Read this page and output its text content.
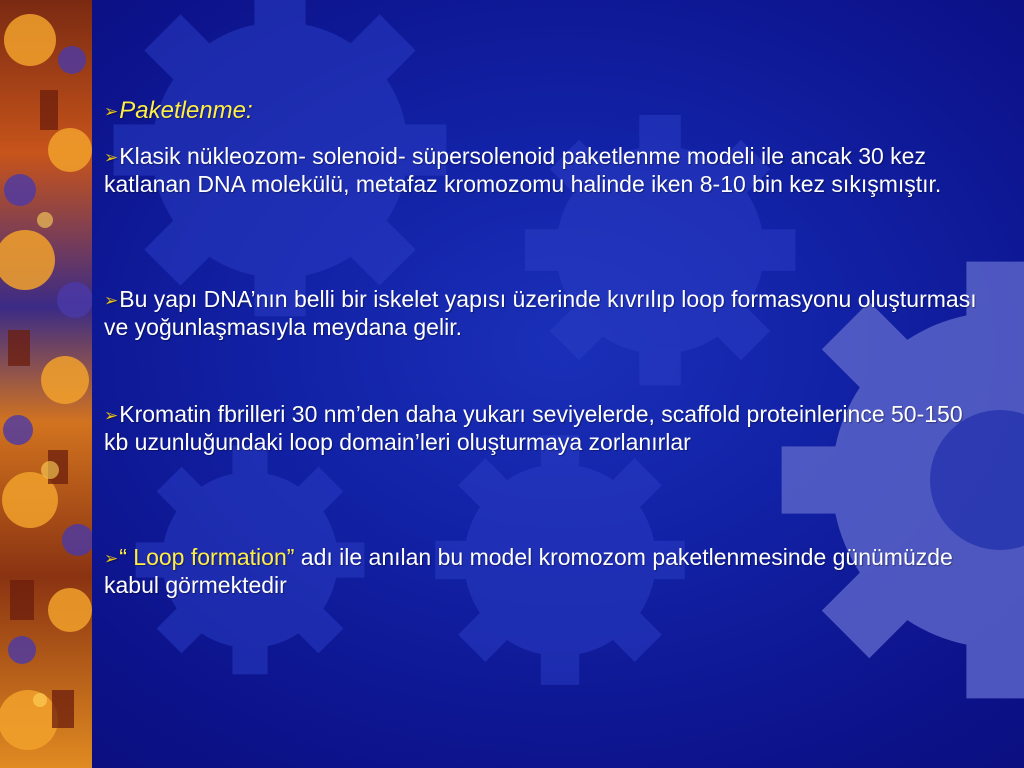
➢Paketlenme:
➢Klasik nükleozom- solenoid- süpersolenoid paketlenme modeli ile ancak 30 kez katlanan DNA molekülü, metafaz kromozomu halinde iken 8-10 bin kez sıkışmıştır.
➢Bu yapı DNA’nın belli bir iskelet yapısı üzerinde kıvrılıp loop formasyonu oluşturması ve yoğunlaşmasıyla meydana gelir.
➢Kromatin fbrilleri 30 nm’den daha yukarı seviyelerde, scaffold proteinlerince 50-150 kb uzunluğundaki loop domain’leri oluşturmaya zorlanırlar
➢“ Loop formation” adı ile anılan bu model kromozom paketlenmesinde günümüzde kabul görmektedir
